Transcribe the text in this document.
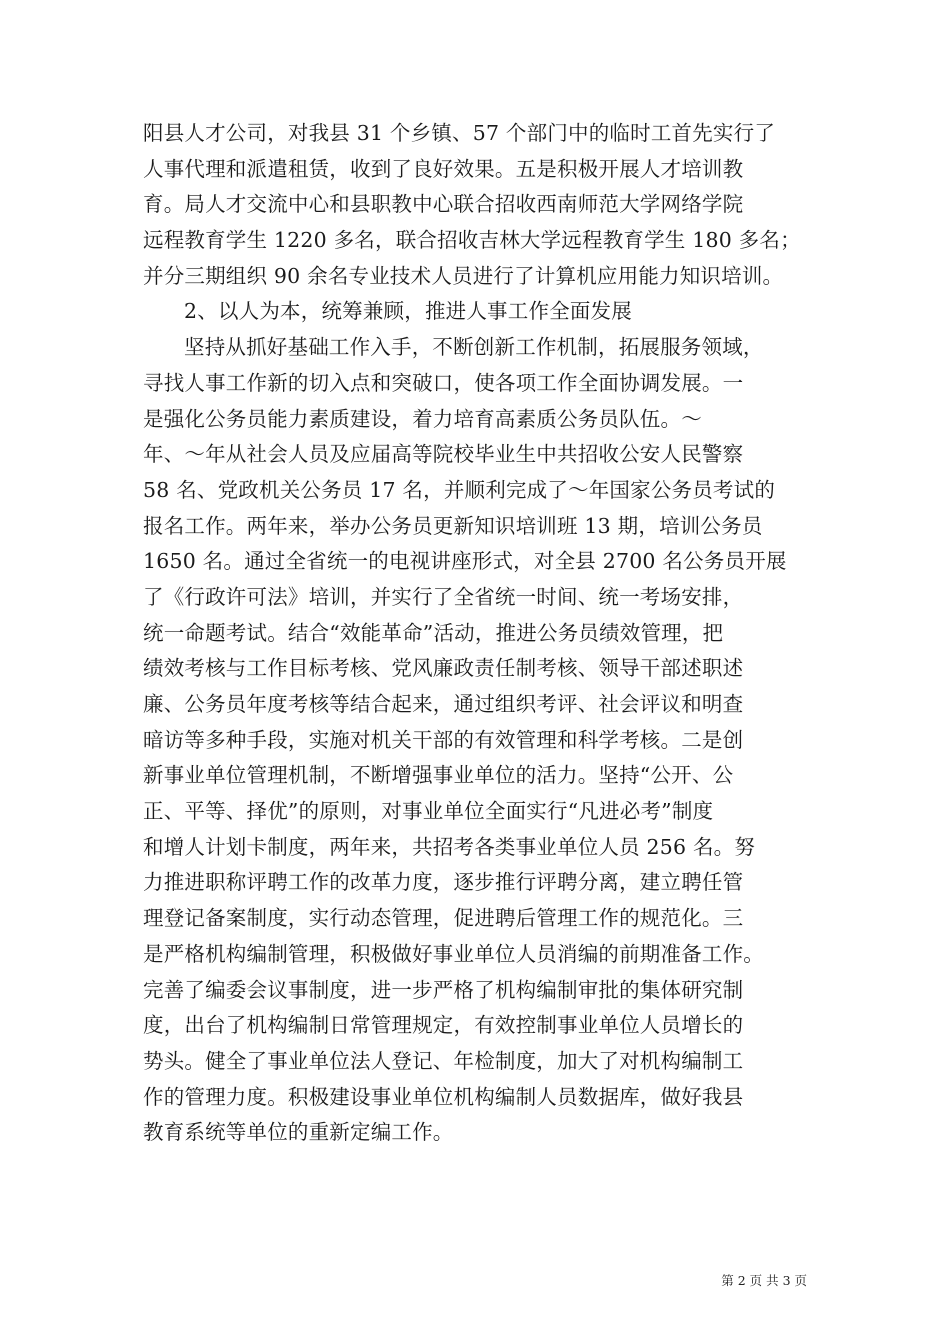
阳县人才公司，对我县 31 个乡镇、57 个部门中的临时工首先实行了
人事代理和派遣租赁，收到了良好效果。五是积极开展人才培训教
育。局人才交流中心和县职教中心联合招收西南师范大学网络学院
远程教育学生 1220 多名，联合招收吉林大学远程教育学生 180 多名；
并分三期组织 90 余名专业技术人员进行了计算机应用能力知识培训。
2、以人为本，统筹兼顾，推进人事工作全面发展
坚持从抓好基础工作入手，不断创新工作机制，拓展服务领域，
寻找人事工作新的切入点和突破口，使各项工作全面协调发展。一
是强化公务员能力素质建设，着力培育高素质公务员队伍。～
年、～年从社会人员及应届高等院校毕业生中共招收公安人民警察
58 名、党政机关公务员 17 名，并顺利完成了～年国家公务员考试的
报名工作。两年来，举办公务员更新知识培训班 13 期，培训公务员
1650 名。通过全省统一的电视讲座形式，对全县 2700 名公务员开展
了《行政许可法》培训，并实行了全省统一时间、统一考场安排，
统一命题考试。结合“效能革命”活动，推进公务员绩效管理，把
绩效考核与工作目标考核、党风廉政责任制考核、领导干部述职述
廉、公务员年度考核等结合起来，通过组织考评、社会评议和明查
暗访等多种手段，实施对机关干部的有效管理和科学考核。二是创
新事业单位管理机制，不断增强事业单位的活力。坚持“公开、公
正、平等、择优”的原则，对事业单位全面实行“凡进必考”制度
和增人计划卡制度，两年来，共招考各类事业单位人员 256 名。努
力推进职称评聘工作的改革力度，逐步推行评聘分离，建立聘任管
理登记备案制度，实行动态管理，促进聘后管理工作的规范化。三
是严格机构编制管理，积极做好事业单位人员消编的前期准备工作。
完善了编委会议事制度，进一步严格了机构编制审批的集体研究制
度，出台了机构编制日常管理规定，有效控制事业单位人员增长的
势头。健全了事业单位法人登记、年检制度，加大了对机构编制工
作的管理力度。积极建设事业单位机构编制人员数据库，做好我县
教育系统等单位的重新定编工作。
第 2 页 共 3 页
